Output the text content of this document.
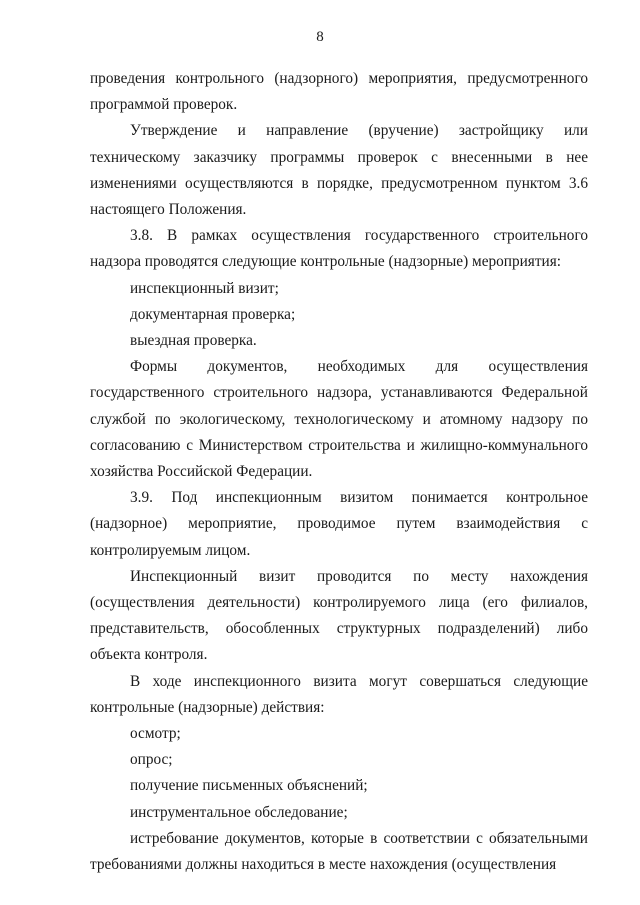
8

проведения контрольного (надзорного) мероприятия, предусмотренного программой проверок.

Утверждение и направление (вручение) застройщику или техническому заказчику программы проверок с внесенными в нее изменениями осуществляются в порядке, предусмотренном пунктом 3.6 настоящего Положения.

3.8. В рамках осуществления государственного строительного надзора проводятся следующие контрольные (надзорные) мероприятия:

инспекционный визит;

документарная проверка;

выездная проверка.

Формы документов, необходимых для осуществления государственного строительного надзора, устанавливаются Федеральной службой по экологическому, технологическому и атомному надзору по согласованию с Министерством строительства и жилищно-коммунального хозяйства Российской Федерации.

3.9. Под инспекционным визитом понимается контрольное (надзорное) мероприятие, проводимое путем взаимодействия с контролируемым лицом.

Инспекционный визит проводится по месту нахождения (осуществления деятельности) контролируемого лица (его филиалов, представительств, обособленных структурных подразделений) либо объекта контроля.

В ходе инспекционного визита могут совершаться следующие контрольные (надзорные) действия:

осмотр;

опрос;

получение письменных объяснений;

инструментальное обследование;

истребование документов, которые в соответствии с обязательными требованиями должны находиться в месте нахождения (осуществления
